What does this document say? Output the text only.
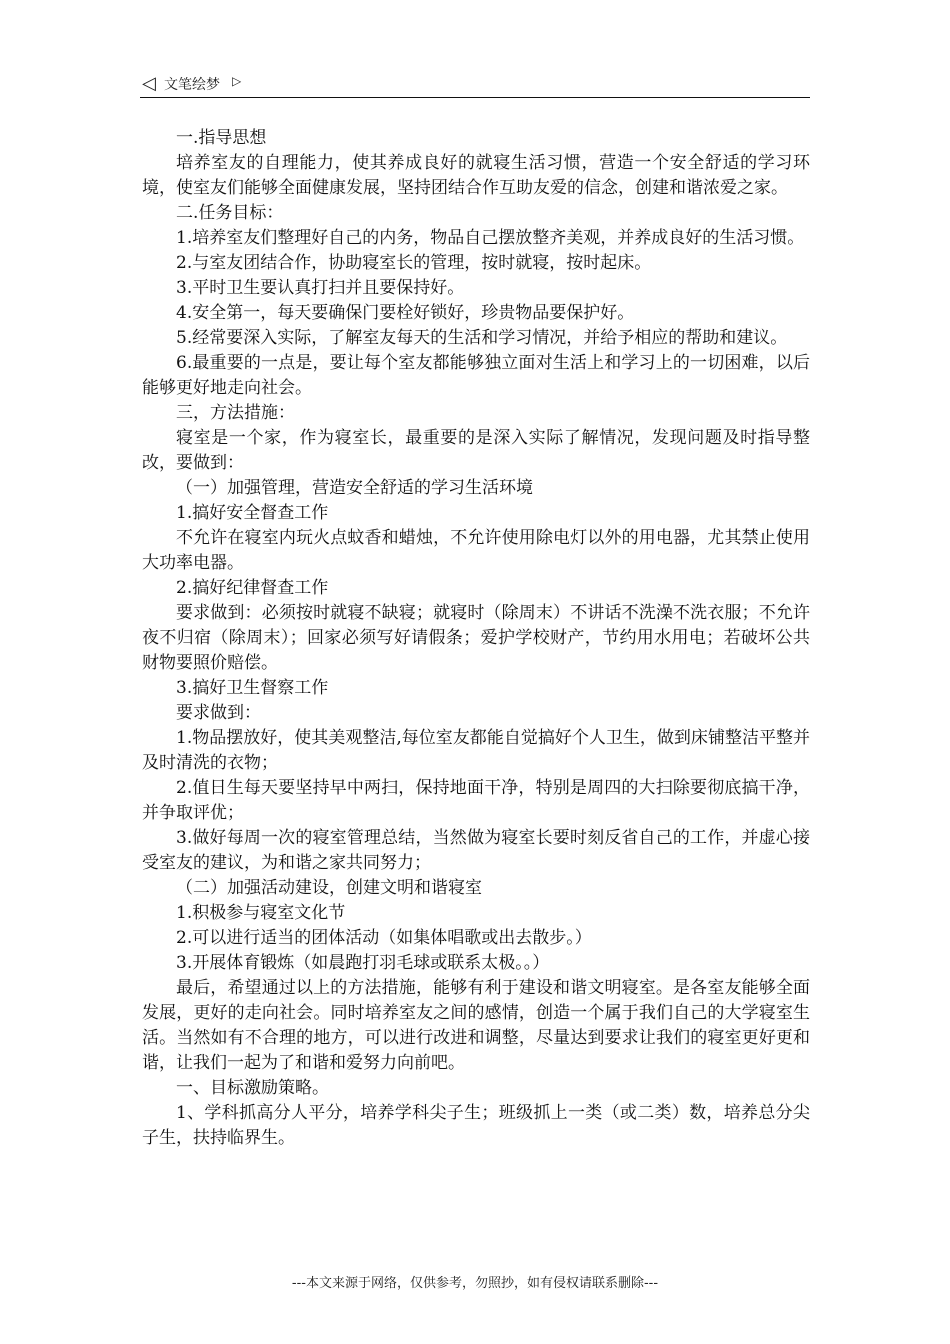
◁ 文笔绘梦 ▷

一.指导思想

培养室友的自理能力，使其养成良好的就寝生活习惯，营造一个安全舒适的学习环境，使室友们能够全面健康发展，坚持团结合作互助友爱的信念，创建和谐浓爱之家。

二.任务目标：

1.培养室友们整理好自己的内务，物品自己摆放整齐美观，并养成良好的生活习惯。

2.与室友团结合作，协助寝室长的管理，按时就寝，按时起床。

3.平时卫生要认真打扫并且要保持好。

4.安全第一，每天要确保门要栓好锁好，珍贵物品要保护好。

5.经常要深入实际，了解室友每天的生活和学习情况，并给予相应的帮助和建议。

6.最重要的一点是，要让每个室友都能够独立面对生活上和学习上的一切困难，以后能够更好地走向社会。

三，方法措施：

寝室是一个家，作为寝室长，最重要的是深入实际了解情况，发现问题及时指导整改，要做到：

（一）加强管理，营造安全舒适的学习生活环境

1.搞好安全督查工作

不允许在寝室内玩火点蚊香和蜡烛，不允许使用除电灯以外的用电器，尤其禁止使用大功率电器。

2.搞好纪律督查工作

要求做到：必须按时就寝不缺寝；就寝时（除周末）不讲话不洗澡不洗衣服；不允许夜不归宿（除周末）；回家必须写好请假条；爱护学校财产，节约用水用电；若破坏公共财物要照价赔偿。

3.搞好卫生督察工作

要求做到：

1.物品摆放好，使其美观整洁,每位室友都能自觉搞好个人卫生，做到床铺整洁平整并及时清洗的衣物；

2.值日生每天要坚持早中两扫，保持地面干净，特别是周四的大扫除要彻底搞干净，并争取评优；

3.做好每周一次的寝室管理总结，当然做为寝室长要时刻反省自己的工作，并虚心接受室友的建议，为和谐之家共同努力；

（二）加强活动建设，创建文明和谐寝室

1.积极参与寝室文化节

2.可以进行适当的团体活动（如集体唱歌或出去散步。）

3.开展体育锻炼（如晨跑打羽毛球或联系太极。。）

最后，希望通过以上的方法措施，能够有利于建设和谐文明寝室。是各室友能够全面发展，更好的走向社会。同时培养室友之间的感情，创造一个属于我们自己的大学寝室生活。当然如有不合理的地方，可以进行改进和调整，尽量达到要求让我们的寝室更好更和谐，让我们一起为了和谐和爱努力向前吧。

一、目标激励策略。

1、学科抓高分人平分，培养学科尖子生；班级抓上一类（或二类）数，培养总分尖子生，扶持临界生。

---本文来源于网络，仅供参考，勿照抄，如有侵权请联系删除---
